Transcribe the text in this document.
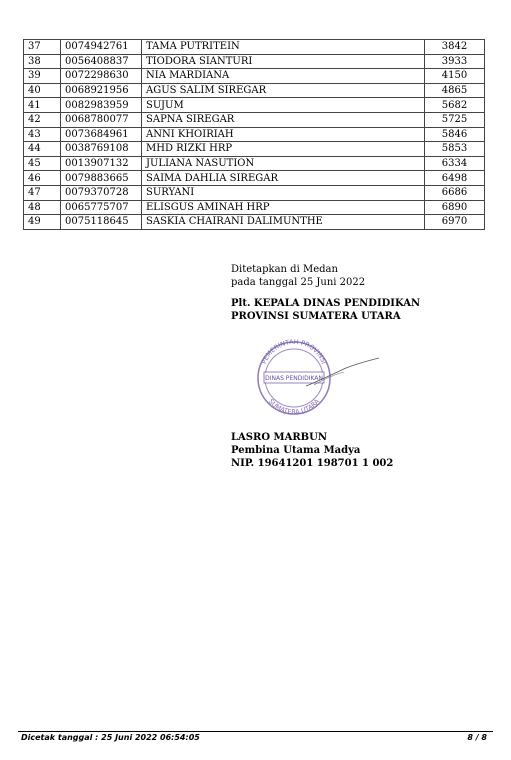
37	0074942761	TAMA PUTRITEIN	3842
38	0056408837	TIODORA SIANTURI	3933
39	0072298630	NIA MARDIANA	4150
40	0068921956	AGUS SALIM SIREGAR	4865
41	0082983959	SUJUM	5682
42	0068780077	SAPNA SIREGAR	5725
43	0073684961	ANNI KHOIRIAH	5846
44	0038769108	MHD RIZKI HRP	5853
45	0013907132	JULIANA NASUTION	6334
46	0079883665	SAIMA DAHLIA SIREGAR	6498
47	0079370728	SURYANI	6686
48	0065775707	ELISGUS AMINAH HRP	6890
49	0075118645	SASKIA CHAIRANI DALIMUNTHE	6970
Ditetapkan di Medan
pada tanggal 25 Juni 2022
Plt. KEPALA DINAS PENDIDIKAN
PROVINSI SUMATERA UTARA
PEMERINTAH PROVINSI
DINAS PENDIDIKAN
SUMATERA UTARA
LASRO MARBUN
Pembina Utama Madya
NIP. 19641201 198701 1 002
Dicetak tanggal : 25 Juni 2022 06:54:05	8 / 8
